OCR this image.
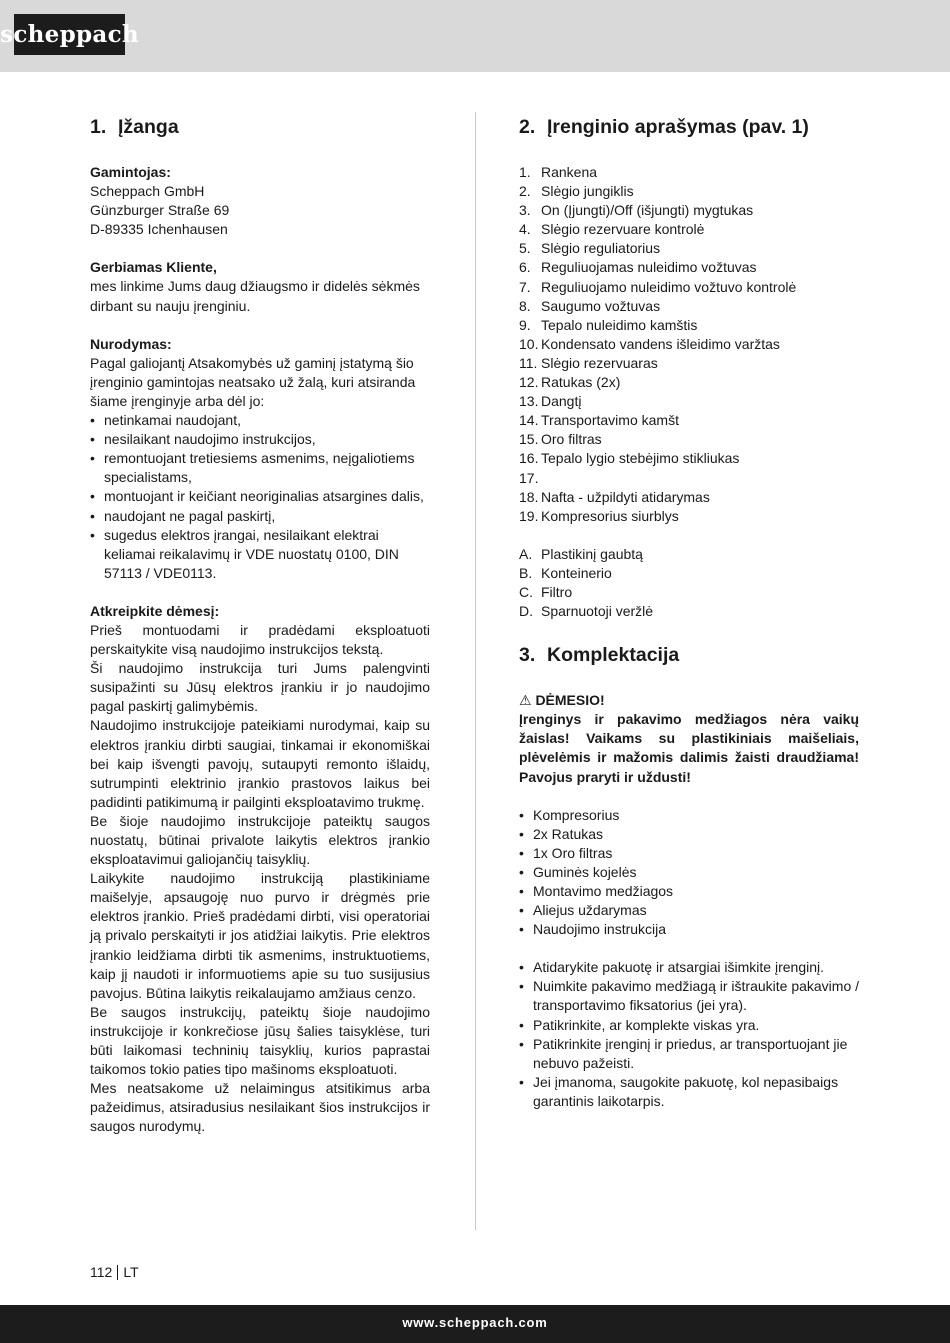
scheppach
1. Įžanga

Gamintojas:

Scheppach GmbH

Günzburger Straße 69

D-89335 Ichenhausen

Gerbiamas Kliente,

mes linkime Jums daug džiaugsmo ir didelės sėkmės dirbant su nauju įrenginiu.

Nurodymas:

Pagal galiojantį Atsakomybės už gaminį įstatymą šio įrenginio gamintojas neatsako už žalą, kuri atsiranda šiame įrenginyje arba dėl jo:

• netinkamai naudojant,
• nesilaikant naudojimo instrukcijos,
• remontuojant tretiesiems asmenims, neįgaliotiems specialistams,
• montuojant ir keičiant neoriginalias atsargines dalis,
• naudojant ne pagal paskirtį,
• sugedus elektros įrangai, nesilaikant elektrai keliamai reikalavimų ir VDE nuostatų 0100, DIN 57113 / VDE0113.

Atkreipkite dėmesį:

Prieš montuodami ir pradėdami eksploatuoti perskaitykite visą naudojimo instrukcijos tekstą.

Ši naudojimo instrukcija turi Jums palengvinti susipažinti su Jūsų elektros įrankiu ir jo naudojimo pagal paskirtį galimybėmis.

Naudojimo instrukcijoje pateikiami nurodymai, kaip su elektros įrankiu dirbti saugiai, tinkamai ir ekonomiškai bei kaip išvengti pavojų, sutaupyti remonto išlaidų, sutrumpinti elektrinio įrankio prastovos laikus bei padidinti patikimumą ir pailginti eksploatavimo trukmę.

Be šioje naudojimo instrukcijoje pateiktų saugos nuostatų, būtinai privalote laikytis elektros įrankio eksploatavimui galiojančių taisyklių.

Laikykite naudojimo instrukciją plastikiniame maišelyje, apsaugoję nuo purvo ir drėgmės prie elektros įrankio. Prieš pradėdami dirbti, visi operatoriai ją privalo perskaityti ir jos atidžiai laikytis. Prie elektros įrankio leidžiama dirbti tik asmenims, instruktuotiems, kaip jį naudoti ir informuotiems apie su tuo susijusius pavojus. Būtina laikytis reikalaujamo amžiaus cenzo.

Be saugos instrukcijų, pateiktų šioje naudojimo instrukcijoje ir konkrečiose jūsų šalies taisyklėse, turi būti laikomasi techninių taisyklių, kurios paprastai taikomos tokio paties tipo mašinoms eksploatuoti.

Mes neatsakome už nelaimingus atsitikimus arba pažeidimus, atsiradusius nesilaikant šios instrukcijos ir saugos nurodymų.

2. Įrenginio aprašymas (pav. 1)
1. Rankena
2. Slėgio jungiklis
3. On (Įjungti)/Off (išjungti) mygtukas
4. Slėgio rezervuare kontrolė
5. Slėgio reguliatorius
6. Reguliuojamas nuleidimo vožtuvas
7. Reguliuojamo nuleidimo vožtuvo kontrolė
8. Saugumo vožtuvas
9. Tepalo nuleidimo kamštis
10. Kondensato vandens išleidimo varžtas
11. Slėgio rezervuaras
12. Ratukas (2x)
13. Dangtį
14. Transportavimo kamšt
15. Oro filtras
16. Tepalo lygio stebėjimo stikliukas
17.
18. Nafta - užpildyti atidarymas
19. Kompresorius siurblys
A. Plastikinį gaubtą
B. Konteinerio
C. Filtro
D. Sparnuotoji veržlė
3. Komplektacija

⚠ DĖMESIO!

Įrenginys ir pakavimo medžiagos nėra vaikų žaislas! Vaikams su plastikiniais maišeliais, plėvelėmis ir mažomis dalimis žaisti draudžiama! Pavojus praryti ir uždusti!

• Kompresorius
• 2x Ratukas
• 1x Oro filtras
• Guminės kojelės
• Montavimo medžiagos
• Aliejus uždarymas
• Naudojimo instrukcija
• Atidarykite pakuotę ir atsargiai išimkite įrenginį.
• Nuimkite pakavimo medžiagą ir ištraukite pakavimo / transportavimo fiksatorius (jei yra).
• Patikrinkite, ar komplekte viskas yra.
• Patikrinkite įrenginį ir priedus, ar transportuojant jie nebuvo pažeisti.
• Jei įmanoma, saugokite pakuotę, kol nepasibaigs garantinis laikotarpis.
112 LT
www.scheppach.com
